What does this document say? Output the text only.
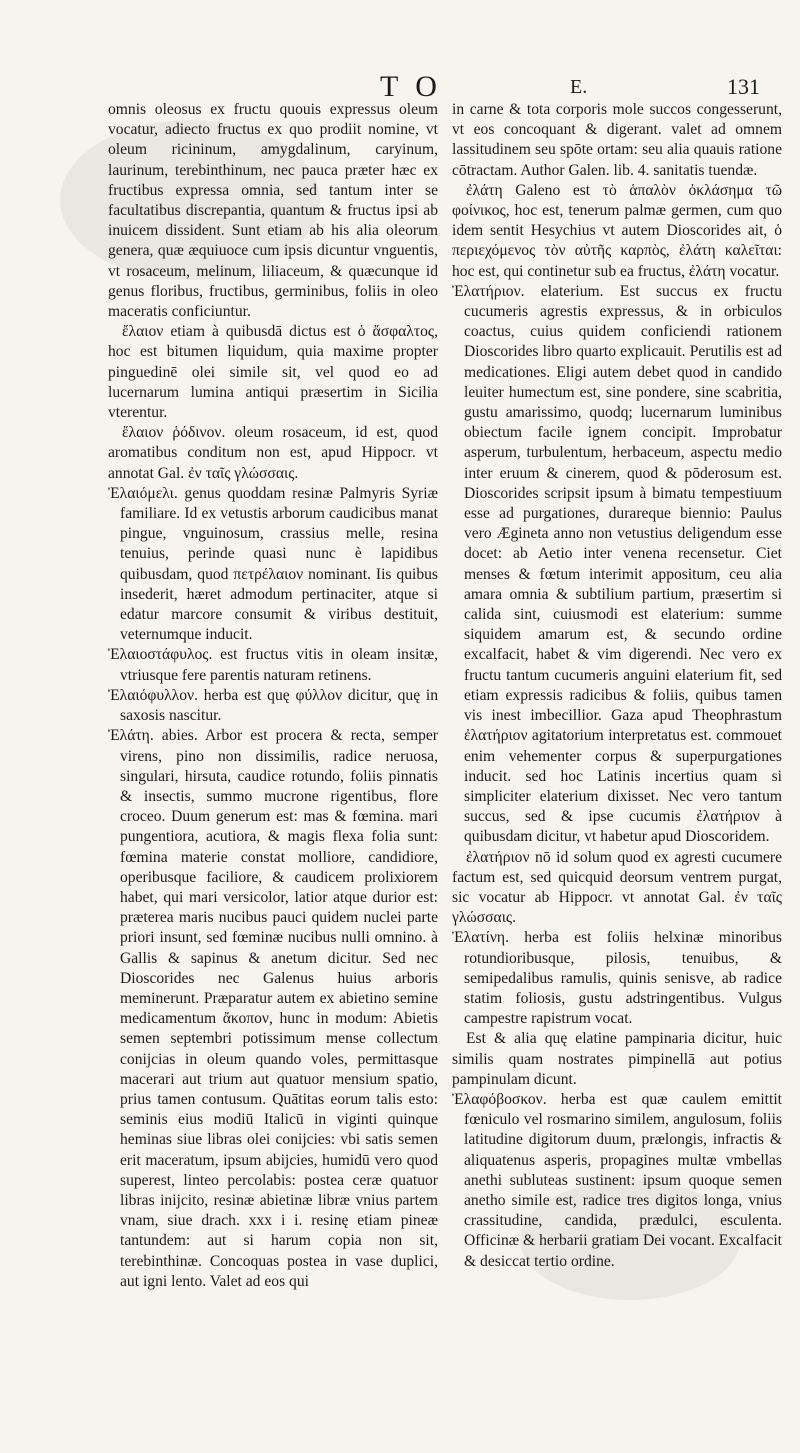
T O	E.	131

omnis oleosus ex fructu quouis expressus oleum vocatur, adiecto fructus ex quo prodiit nomine, vt oleum ricininum, amygdalinum, caryinum, laurinum, terebinthinum, nec pauca præter hæc ex fructibus expressa omnia, sed tantum inter se facultatibus discrepantia, quantum & fructus ipsi ab inuicem dissident. Sunt etiam ab his alia oleorum genera, quæ æquiuoce cum ipsis dicuntur vnguentis, vt rosaceum, melinum, liliaceum, & quæcunque id genus floribus, fructibus, germinibus, foliis in oleo maceratis conficiuntur.

ἔλαιον etiam à quibusdā dictus est ὁ ἄσφαλτος, hoc est bitumen liquidum, quia maxime propter pinguedinē olei simile sit, vel quod eo ad lucernarum lumina antiqui præsertim in Sicilia vterentur.

ἔλαιον ῥόδινον. oleum rosaceum, id est, quod aromatibus conditum non est, apud Hippocr. vt annotat Gal. ἐν ταῖς γλώσσαις.

Ἐλαιόμελι. genus quoddam resinæ Palmyris Syriæ familiare. Id ex vetustis arborum caudicibus manat pingue, vnguinosum, crassius melle, resina tenuius, perinde quasi nunc è lapidibus quibusdam, quod πετρέλαιον nominant. Iis quibus insederit, hæret admodum pertinaciter, atque si edatur marcore consumit & viribus destituit, veternumque inducit.

Ἐλαιοστάφυλος. est fructus vitis in oleam insitæ, vtriusque fere parentis naturam retinens.

Ἐλαιόφυλλον. herba est quę φύλλον dicitur, quę in saxosis nascitur.

Ἐλάτη. abies. Arbor est procera & recta, semper virens, pino non dissimilis, radice neruosa, singulari, hirsuta, caudice rotundo, foliis pinnatis & insectis, summo mucrone rigentibus, flore croceo. Duum generum est: mas & fœmina. mari pungentiora, acutiora, & magis flexa folia sunt: fœmina materie constat molliore, candidiore, operibusque faciliore, & caudicem prolixiorem habet, qui mari versicolor, latior atque durior est: præterea maris nucibus pauci quidem nuclei parte priori insunt, sed fœminæ nucibus nulli omnino. à Gallis & sapinus & anetum dicitur. Sed nec Dioscorides nec Galenus huius arboris meminerunt. Præparatur autem ex abietino semine medicamentum ἄκοπον, hunc in modum: Abietis semen septembri potissimum mense collectum conijcias in oleum quando voles, permittasque macerari aut trium aut quatuor mensium spatio, prius tamen contusum. Quātitas eorum talis esto: seminis eius modiū Italicū in viginti quinque heminas siue libras olei conijcies: vbi satis semen erit maceratum, ipsum abijcies, humidū vero quod superest, linteo percolabis: postea ceræ quatuor libras inijcito, resinæ abietinæ libræ vnius partem vnam, siue drach. xxx i i. resinę etiam pineæ tantundem: aut si harum copia non sit, terebinthinæ. Concoquas postea in vase duplici, aut igni lento. Valet ad eos qui

in carne & tota corporis mole succos congesserunt, vt eos concoquant & digerant. valet ad omnem lassitudinem seu spōte ortam: seu alia quauis ratione cōtractam. Author Galen. lib. 4. sanitatis tuendæ.

ἐλάτη Galeno est τὸ ἁπαλὸν ὀκλάσημα τῶ φοίνικος, hoc est, tenerum palmæ germen, cum quo idem sentit Hesychius vt autem Dioscorides ait, ὁ περιεχόμενος τὸν αὐτῆς καρπὸς, ἐλάτη καλεῖται: hoc est, qui continetur sub ea fructus, ἐλάτη vocatur.

Ἐλατήριον. elaterium. Est succus ex fructu cucumeris agrestis expressus, & in orbiculos coactus, cuius quidem conficiendi rationem Dioscorides libro quarto explicauit. Perutilis est ad medicationes. Eligi autem debet quod in candido leuiter humectum est, sine pondere, sine scabritia, gustu amarissimo, quodq; lucernarum luminibus obiectum facile ignem concipit. Improbatur asperum, turbulentum, herbaceum, aspectu medio inter eruum & cinerem, quod & pōderosum est. Dioscorides scripsit ipsum à bimatu tempestiuum esse ad purgationes, durareque biennio: Paulus vero Ægineta anno non vetustius deligendum esse docet: ab Aetio inter venena recensetur. Ciet menses & fœtum interimit appositum, ceu alia amara omnia & subtilium partium, præsertim si calida sint, cuiusmodi est elaterium: summe siquidem amarum est, & secundo ordine excalfacit, habet & vim digerendi. Nec vero ex fructu tantum cucumeris anguini elaterium fit, sed etiam expressis radicibus & foliis, quibus tamen vis inest imbecillior. Gaza apud Theophrastum ἐλατήριον agitatorium interpretatus est. commouet enim vehementer corpus & superpurgationes inducit. sed hoc Latinis incertius quam si simpliciter elaterium dixisset. Nec vero tantum succus, sed & ipse cucumis ἐλατήριον à quibusdam dicitur, vt habetur apud Dioscoridem.

ἐλατήριον nō id solum quod ex agresti cucumere factum est, sed quicquid deorsum ventrem purgat, sic vocatur ab Hippocr. vt annotat Gal. ἐν ταῖς γλώσσαις.

Ἐλατίνη. herba est foliis helxinæ minoribus rotundioribusque, pilosis, tenuibus, & semipedalibus ramulis, quinis senisve, ab radice statim foliosis, gustu adstringentibus. Vulgus campestre rapistrum vocat.

Est & alia quę elatine pampinaria dicitur, huic similis quam nostrates pimpinellā aut potius pampinulam dicunt.

Ἐλαφόβοσκον. herba est quæ caulem emittit fœniculo vel rosmarino similem, angulosum, foliis latitudine digitorum duum, prælongis, infractis & aliquatenus asperis, propagines multæ vmbellas anethi subluteas sustinent: ipsum quoque semen anetho simile est, radice tres digitos longa, vnius crassitudine, candida, prædulci, esculenta. Officinæ & herbarii gratiam Dei vocant. Excalfacit & desiccat tertio ordine.
